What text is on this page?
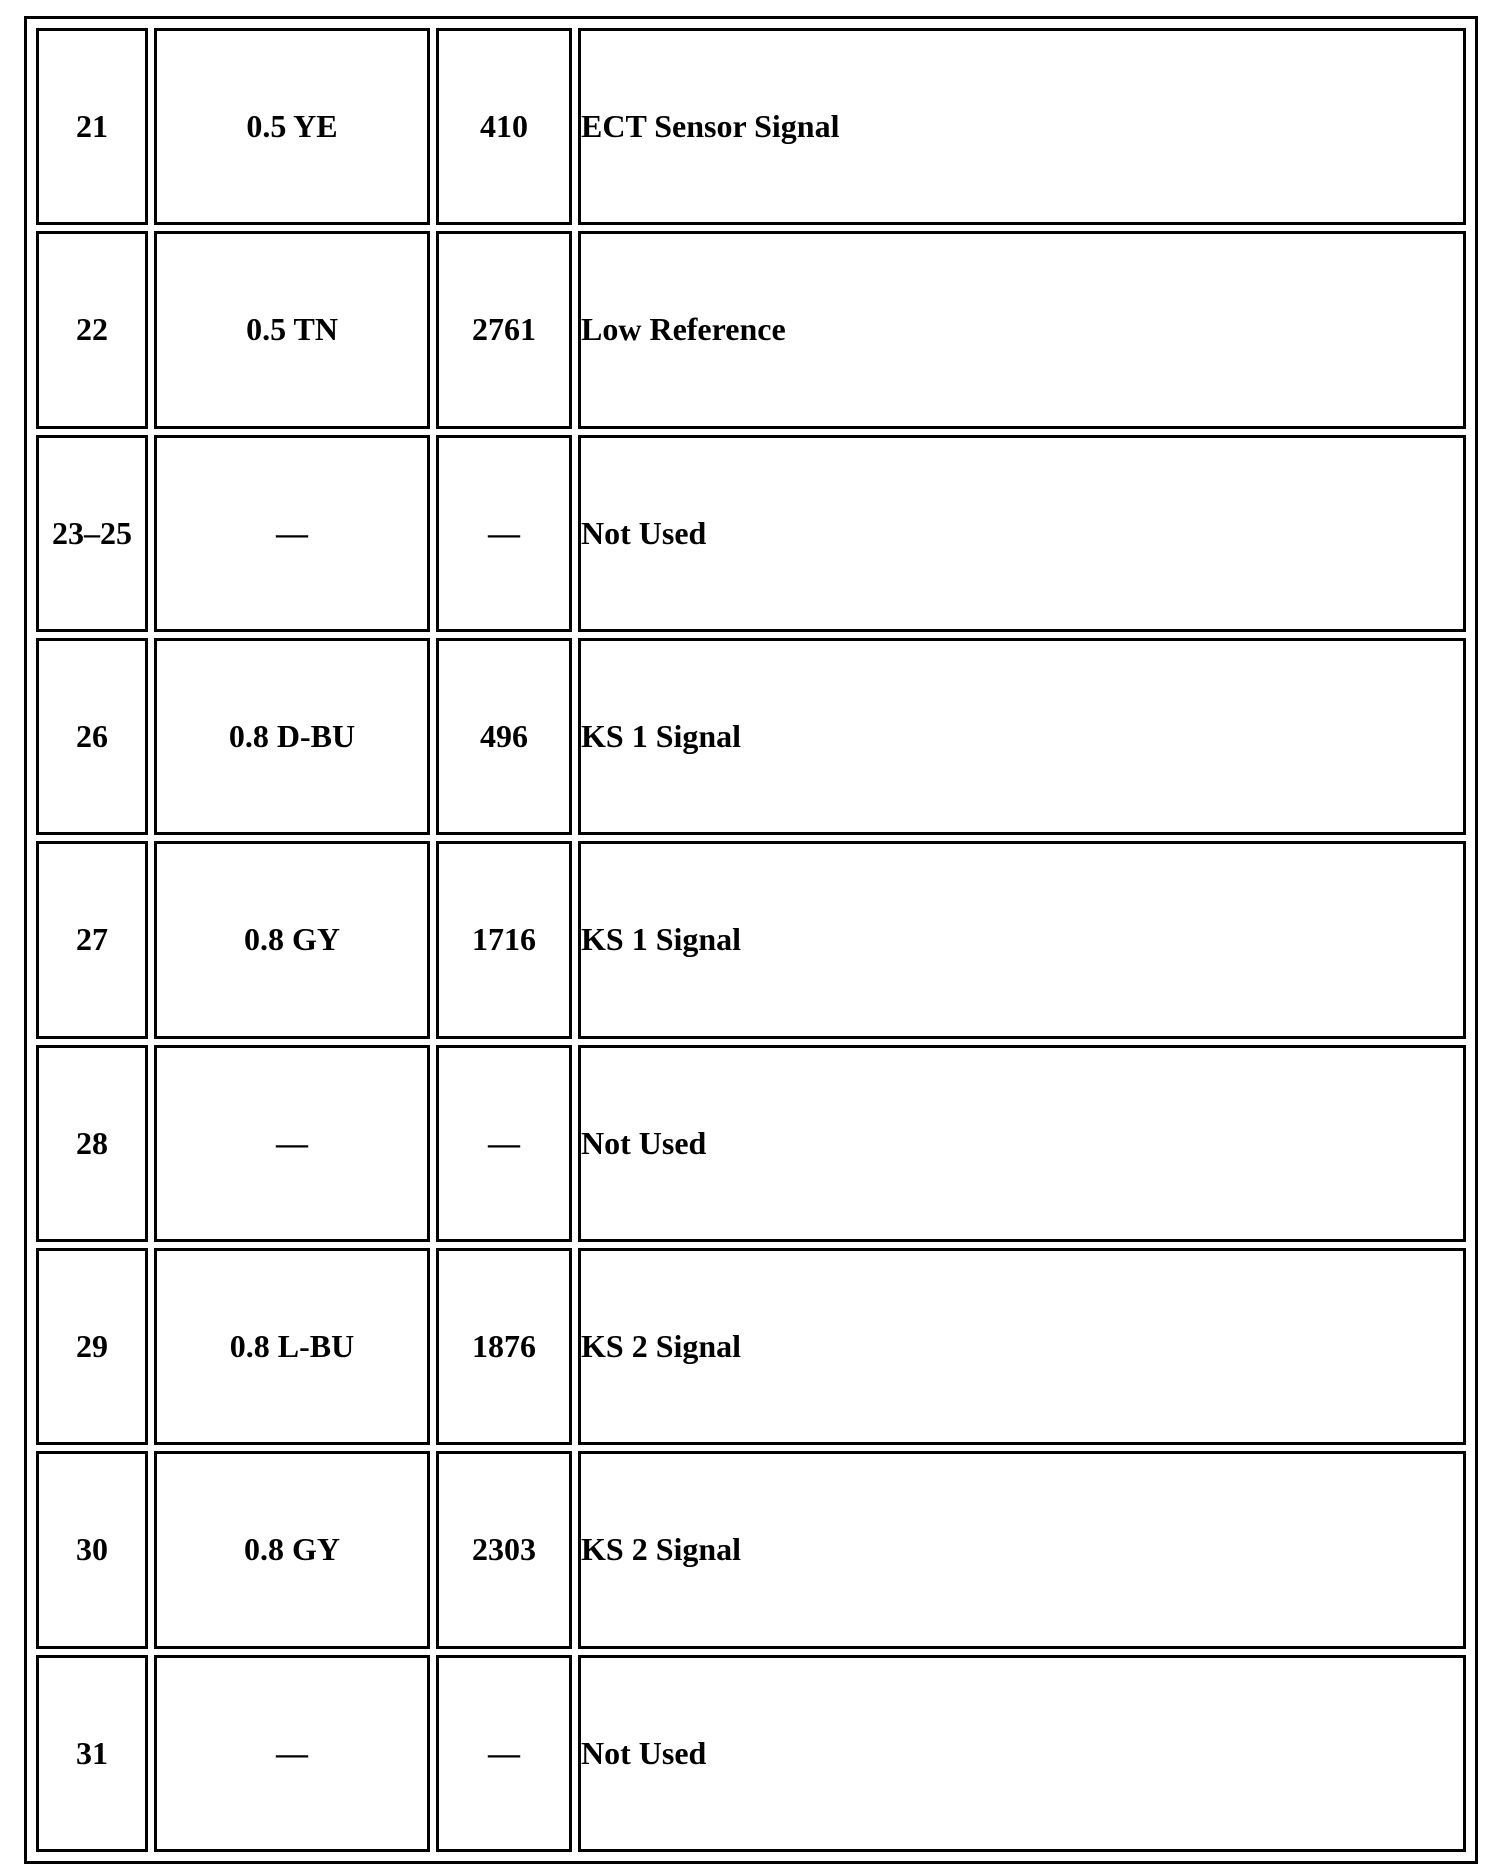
21	0.5 YE	410	ECT Sensor Signal
22	0.5 TN	2761	Low Reference
23–25	—	—	Not Used
26	0.8 D-BU	496	KS 1 Signal
27	0.8 GY	1716	KS 1 Signal
28	—	—	Not Used
29	0.8 L-BU	1876	KS 2 Signal
30	0.8 GY	2303	KS 2 Signal
31	—	—	Not Used
